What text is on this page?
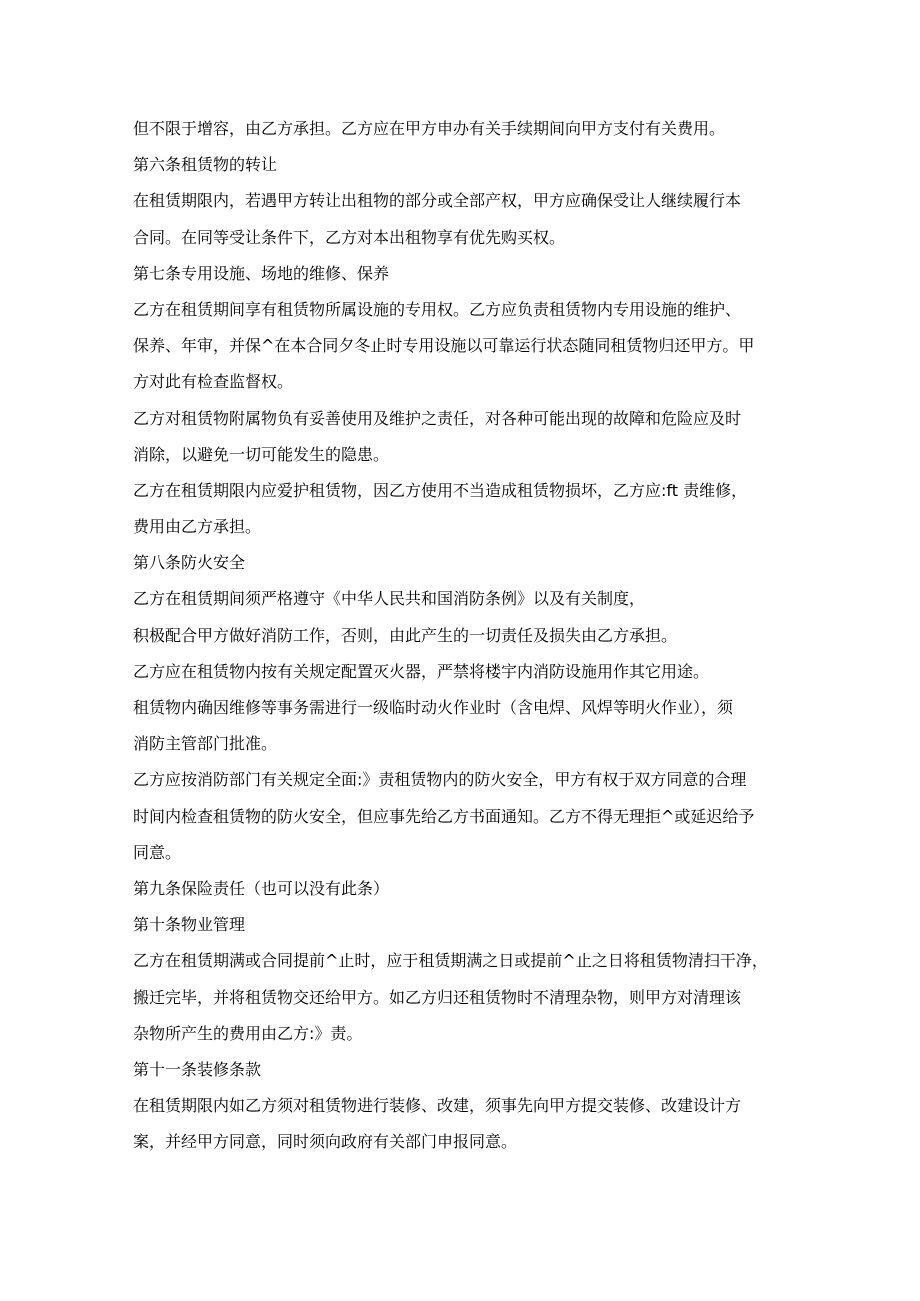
但不限于增容，由乙方承担。乙方应在甲方申办有关手续期间向甲方支付有关费用。
第六条租赁物的转让
在租赁期限内，若遇甲方转让出租物的部分或全部产权，甲方应确保受让人继续履行本
合同。在同等受让条件下，乙方对本出租物享有优先购买权。
第七条专用设施、场地的维修、保养
乙方在租赁期间享有租赁物所属设施的专用权。乙方应负责租赁物内专用设施的维护、
保养、年审，并保^在本合同夕冬止时专用设施以可靠运行状态随同租赁物归还甲方。甲
方对此有检查监督权。
乙方对租赁物附属物负有妥善使用及维护之责任，对各种可能出现的故障和危险应及时
消除，以避免一切可能发生的隐患。
乙方在租赁期限内应爱护租赁物，因乙方使用不当造成租赁物损坏，乙方应:ft 责维修，
费用由乙方承担。
第八条防火安全
乙方在租赁期间须严格遵守《中华人民共和国消防条例》以及有关制度，
积极配合甲方做好消防工作，否则，由此产生的一切责任及损失由乙方承担。
乙方应在租赁物内按有关规定配置灭火器，严禁将楼宇内消防设施用作其它用途。
租赁物内确因维修等事务需进行一级临时动火作业时（含电焊、风焊等明火作业），须
消防主管部门批准。
乙方应按消防部门有关规定全面:》责租赁物内的防火安全，甲方有权于双方同意的合理
时间内检查租赁物的防火安全，但应事先给乙方书面通知。乙方不得无理拒^或延迟给予
同意。
第九条保险责任（也可以没有此条）
第十条物业管理
乙方在租赁期满或合同提前^止时，应于租赁期满之日或提前^止之日将租赁物清扫干净，
搬迁完毕，并将租赁物交还给甲方。如乙方归还租赁物时不清理杂物，则甲方对清理该
杂物所产生的费用由乙方:》责。
第十一条装修条款
在租赁期限内如乙方须对租赁物进行装修、改建，须事先向甲方提交装修、改建设计方
案，并经甲方同意，同时须向政府有关部门申报同意。
